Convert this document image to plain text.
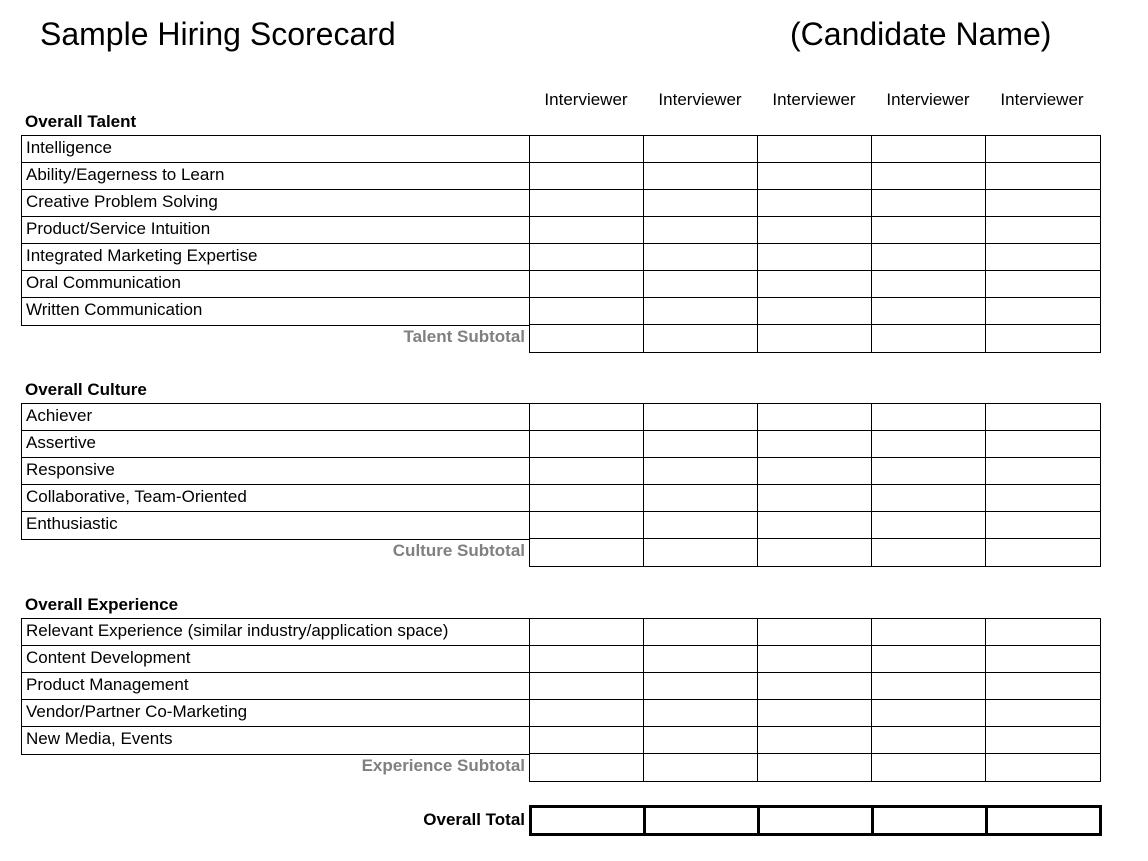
Sample Hiring Scorecard	(Candidate Name)
Interviewer	Interviewer	Interviewer	Interviewer	Interviewer
Overall Talent
Intelligence
Ability/Eagerness to Learn
Creative Problem Solving
Product/Service Intuition
Integrated Marketing Expertise
Oral Communication
Written Communication
Talent Subtotal
Overall Culture
Achiever
Assertive
Responsive
Collaborative, Team-Oriented
Enthusiastic
Culture Subtotal
Overall Experience
Relevant Experience (similar industry/application space)
Content Development
Product Management
Vendor/Partner Co-Marketing
New Media, Events
Experience Subtotal
Overall Total
